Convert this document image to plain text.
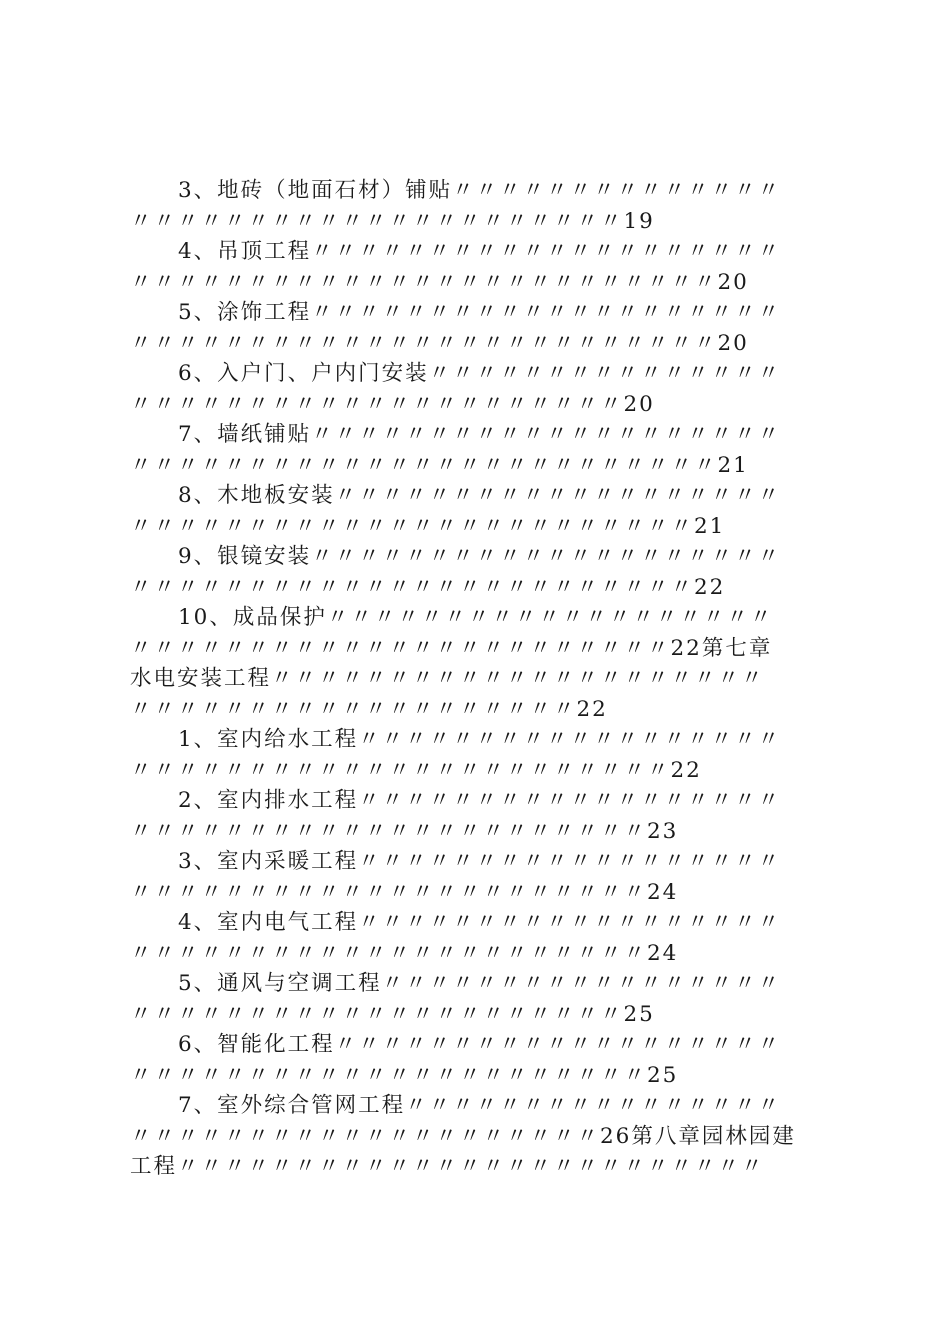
3、地砖（地面石材）铺贴〃〃〃〃〃〃〃〃〃〃〃〃〃〃
〃〃〃〃〃〃〃〃〃〃〃〃〃〃〃〃〃〃〃〃〃19
4、吊顶工程〃〃〃〃〃〃〃〃〃〃〃〃〃〃〃〃〃〃〃〃
〃〃〃〃〃〃〃〃〃〃〃〃〃〃〃〃〃〃〃〃〃〃〃〃〃20
5、涂饰工程〃〃〃〃〃〃〃〃〃〃〃〃〃〃〃〃〃〃〃〃
〃〃〃〃〃〃〃〃〃〃〃〃〃〃〃〃〃〃〃〃〃〃〃〃〃20
6、入户门、户内门安装〃〃〃〃〃〃〃〃〃〃〃〃〃〃〃
〃〃〃〃〃〃〃〃〃〃〃〃〃〃〃〃〃〃〃〃〃20
7、墙纸铺贴〃〃〃〃〃〃〃〃〃〃〃〃〃〃〃〃〃〃〃〃
〃〃〃〃〃〃〃〃〃〃〃〃〃〃〃〃〃〃〃〃〃〃〃〃〃21
8、木地板安装〃〃〃〃〃〃〃〃〃〃〃〃〃〃〃〃〃〃〃
〃〃〃〃〃〃〃〃〃〃〃〃〃〃〃〃〃〃〃〃〃〃〃〃21
9、银镜安装〃〃〃〃〃〃〃〃〃〃〃〃〃〃〃〃〃〃〃〃
〃〃〃〃〃〃〃〃〃〃〃〃〃〃〃〃〃〃〃〃〃〃〃〃22
10、成品保护〃〃〃〃〃〃〃〃〃〃〃〃〃〃〃〃〃〃〃
〃〃〃〃〃〃〃〃〃〃〃〃〃〃〃〃〃〃〃〃〃〃〃22第七章
水电安装工程〃〃〃〃〃〃〃〃〃〃〃〃〃〃〃〃〃〃〃〃〃
〃〃〃〃〃〃〃〃〃〃〃〃〃〃〃〃〃〃〃22
1、室内给水工程〃〃〃〃〃〃〃〃〃〃〃〃〃〃〃〃〃〃
〃〃〃〃〃〃〃〃〃〃〃〃〃〃〃〃〃〃〃〃〃〃〃22
2、室内排水工程〃〃〃〃〃〃〃〃〃〃〃〃〃〃〃〃〃〃
〃〃〃〃〃〃〃〃〃〃〃〃〃〃〃〃〃〃〃〃〃〃23
3、室内采暖工程〃〃〃〃〃〃〃〃〃〃〃〃〃〃〃〃〃〃
〃〃〃〃〃〃〃〃〃〃〃〃〃〃〃〃〃〃〃〃〃〃24
4、室内电气工程〃〃〃〃〃〃〃〃〃〃〃〃〃〃〃〃〃〃
〃〃〃〃〃〃〃〃〃〃〃〃〃〃〃〃〃〃〃〃〃〃24
5、通风与空调工程〃〃〃〃〃〃〃〃〃〃〃〃〃〃〃〃〃
〃〃〃〃〃〃〃〃〃〃〃〃〃〃〃〃〃〃〃〃〃25
6、智能化工程〃〃〃〃〃〃〃〃〃〃〃〃〃〃〃〃〃〃〃
〃〃〃〃〃〃〃〃〃〃〃〃〃〃〃〃〃〃〃〃〃〃25
7、室外综合管网工程〃〃〃〃〃〃〃〃〃〃〃〃〃〃〃〃
〃〃〃〃〃〃〃〃〃〃〃〃〃〃〃〃〃〃〃〃26第八章园林园建
工程〃〃〃〃〃〃〃〃〃〃〃〃〃〃〃〃〃〃〃〃〃〃〃〃〃
